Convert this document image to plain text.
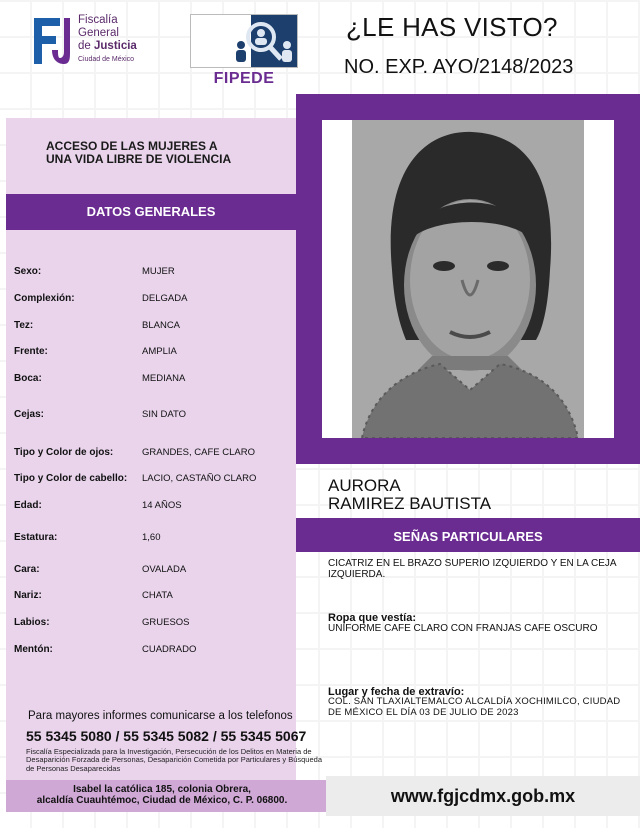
Fiscalía
General
de Justicia
Ciudad de México
FIPEDE
¿LE HAS VISTO?
NO. EXP. AYO/2148/2023
ACCESO DE LAS MUJERES A UNA VIDA LIBRE DE VIOLENCIA
DATOS GENERALES
Sexo:	MUJER
Complexión:	DELGADA
Tez:	BLANCA
Frente:	AMPLIA
Boca:	MEDIANA
Cejas:	SIN DATO
Tipo y Color de ojos:	GRANDES, CAFE CLARO
Tipo y Color de cabello: LACIO, CASTAÑO CLARO
Edad:	14 AÑOS
Estatura:	1,60
Cara:	OVALADA
Nariz:	CHATA
Labios:	GRUESOS
Mentón:	CUADRADO
Para mayores informes comunicarse a los telefonos
55 5345 5080 / 55 5345 5082 / 55 5345 5067
Fiscalía Especializada para la Investigación, Persecución de los Delitos en Materia de Desaparición Forzada de Personas, Desaparición Cometida por Particulares y Búsqueda de Personas Desaparecidas
Isabel la católica 185, colonia Obrera,
alcaldía Cuauhtémoc, Ciudad de México, C. P. 06800.
AURORA
RAMIREZ BAUTISTA
SEÑAS PARTICULARES
CICATRIZ EN EL BRAZO SUPERIO IZQUIERDO Y EN LA CEJA IZQUIERDA.
Ropa que vestía:
UNIFORME CAFE CLARO CON FRANJAS CAFE OSCURO
Lugar y fecha de extravío:
COL. SAN TLAXIALTEMALCO ALCALDÍA XOCHIMILCO, CIUDAD DE MÉXICO EL DÍA 03 DE JULIO DE 2023
www.fgjcdmx.gob.mx
